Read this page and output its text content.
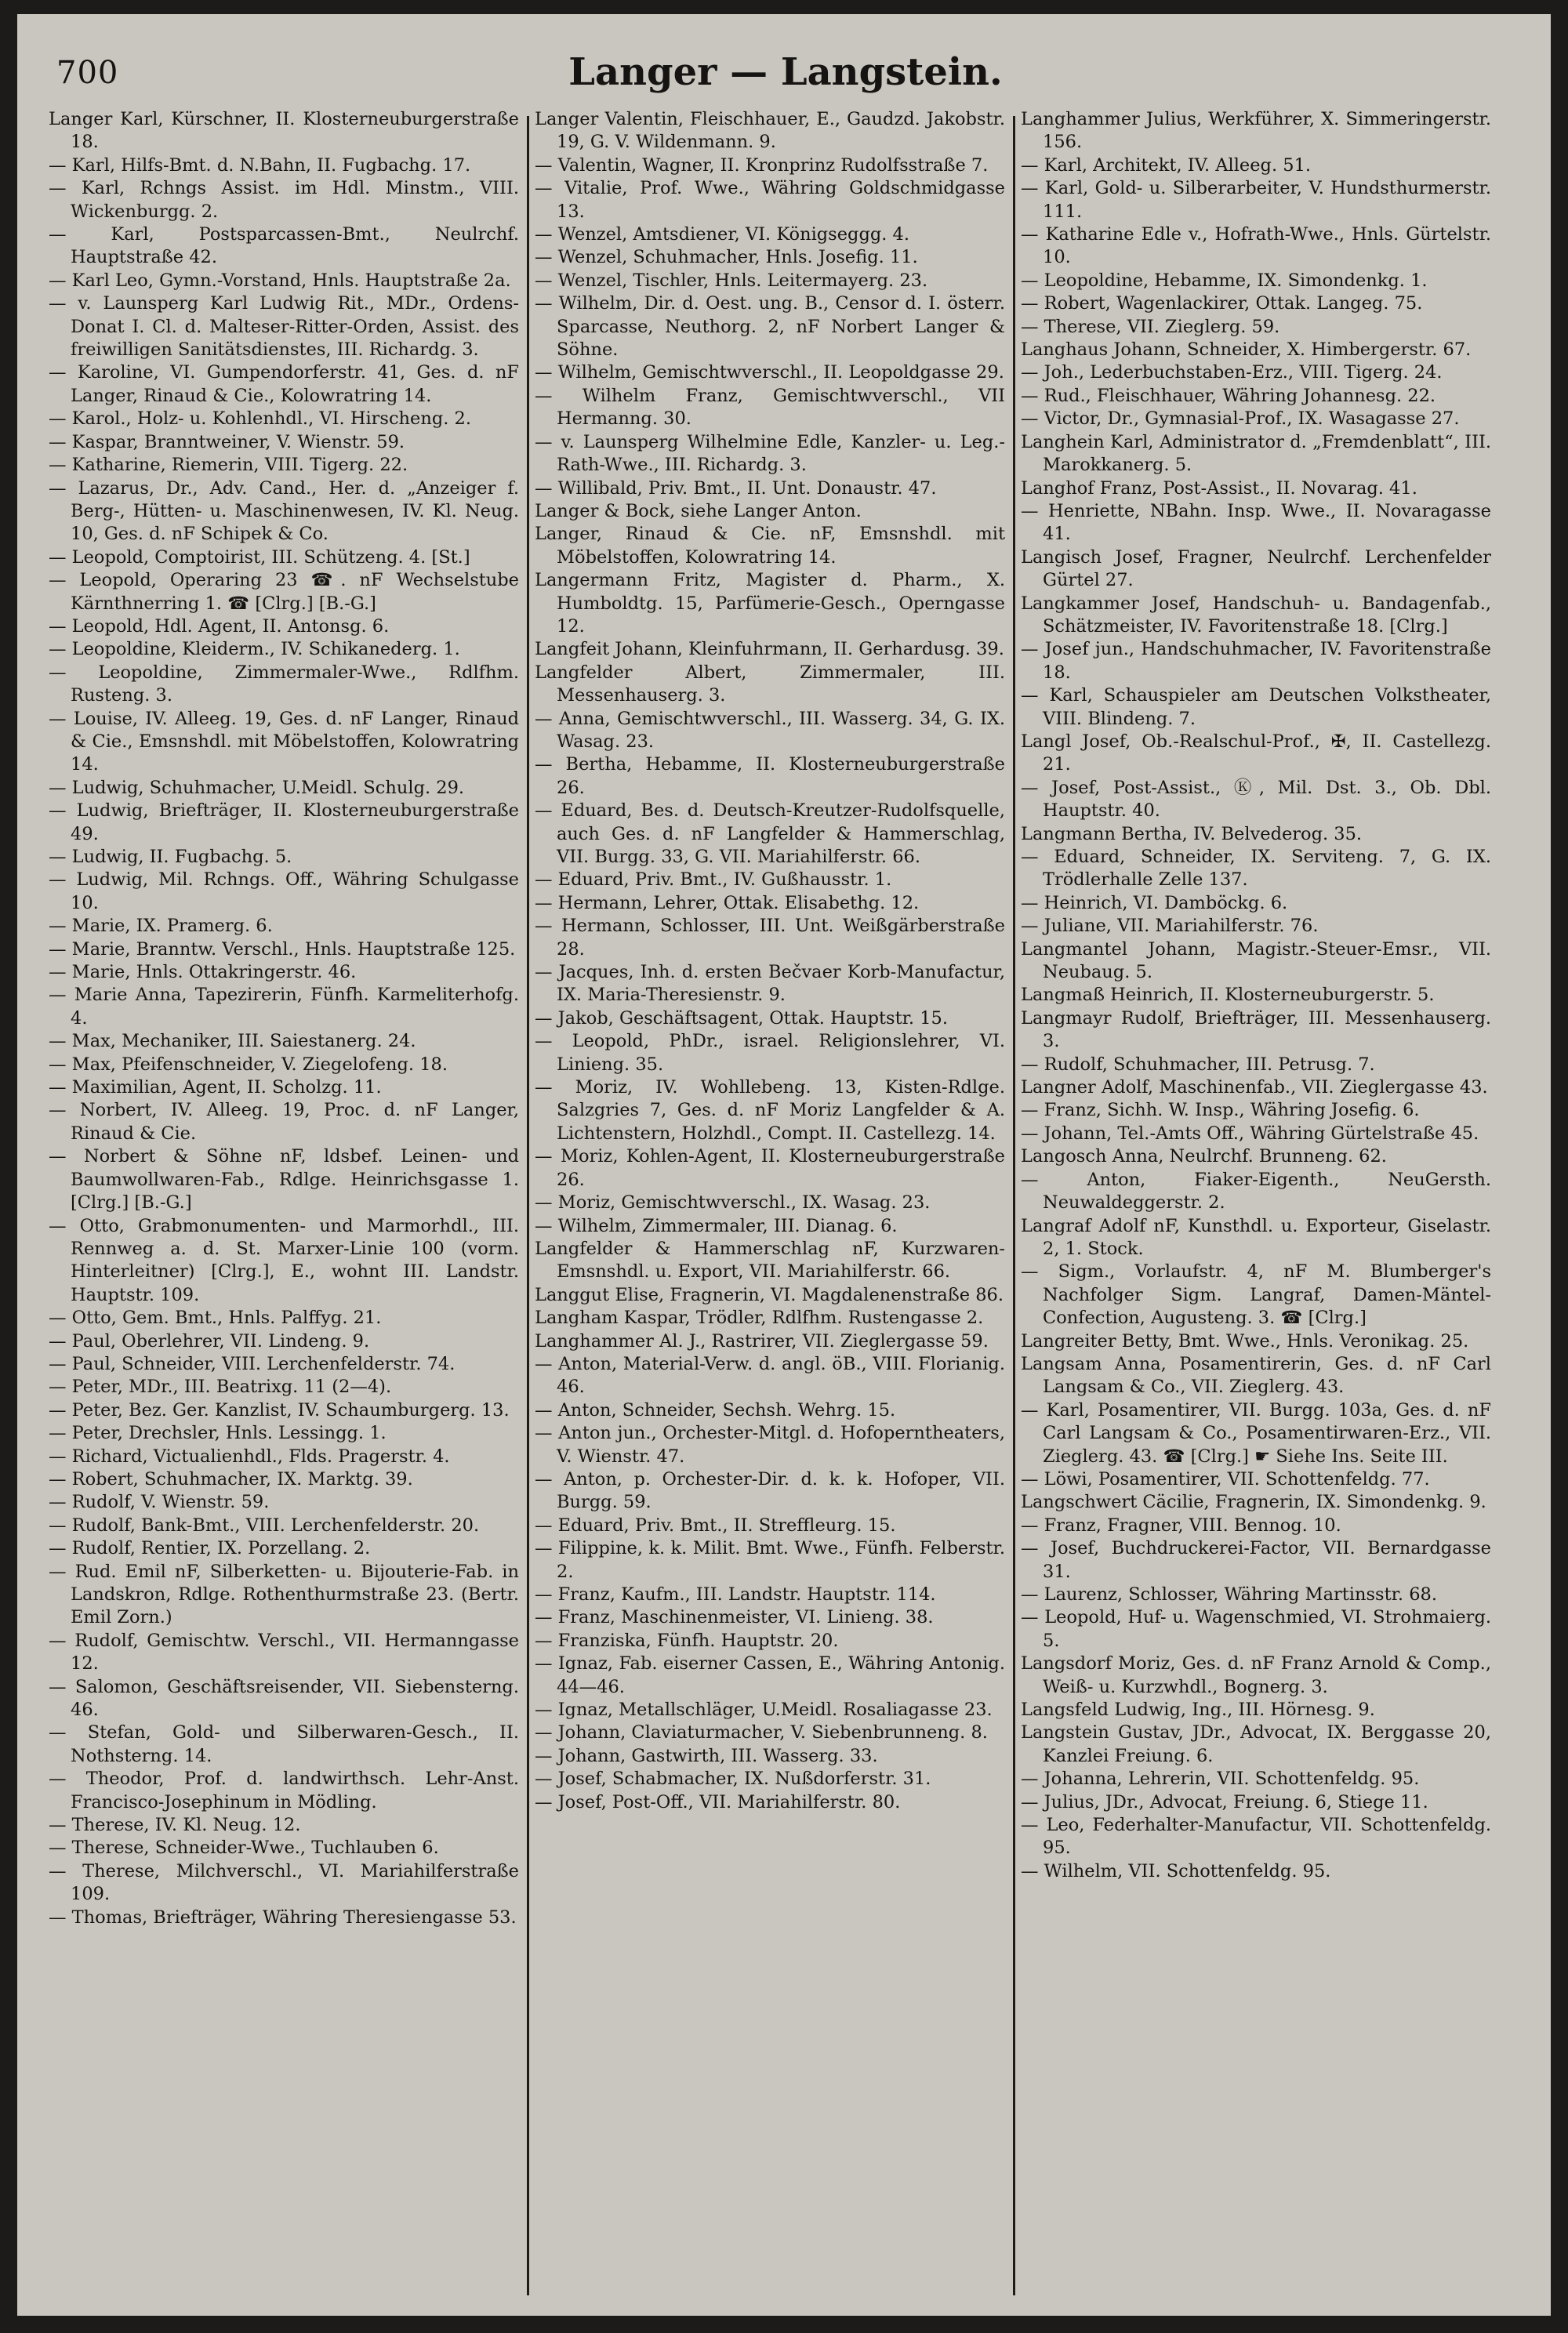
700	Langer — Langstein.

Langer Karl, Kürschner, II. Klosterneuburgerstraße 18.

— Karl, Hilfs-Bmt. d. N.Bahn, II. Fugbachg. 17.

— Karl, Rchngs Assist. im Hdl. Minstm., VIII. Wickenburgg. 2.

— Karl, Postsparcassen-Bmt., Neulrchf. Hauptstraße 42.

— Karl Leo, Gymn.-Vorstand, Hnls. Hauptstraße 2a.

— v. Launsperg Karl Ludwig Rit., MDr., Ordens-Donat I. Cl. d. Malteser-Ritter-Orden, Assist. des freiwilligen Sanitätsdienstes, III. Richardg. 3.

— Karoline, VI. Gumpendorferstr. 41, Ges. d. nF Langer, Rinaud & Cie., Kolowratring 14.

— Karol., Holz- u. Kohlenhdl., VI. Hirscheng. 2.

— Kaspar, Branntweiner, V. Wienstr. 59.

— Katharine, Riemerin, VIII. Tigerg. 22.

— Lazarus, Dr., Adv. Cand., Her. d. „Anzeiger f. Berg-, Hütten- u. Maschinenwesen, IV. Kl. Neug. 10, Ges. d. nF Schipek & Co.

— Leopold, Comptoirist, III. Schützeng. 4. [St.]

— Leopold, Operaring 23 ☎. nF Wechselstube Kärnthnerring 1. ☎ [Clrg.] [B.-G.]

— Leopold, Hdl. Agent, II. Antonsg. 6.

— Leopoldine, Kleiderm., IV. Schikanederg. 1.

— Leopoldine, Zimmermaler-Wwe., Rdlfhm. Rusteng. 3.

— Louise, IV. Alleeg. 19, Ges. d. nF Langer, Rinaud & Cie., Emsnshdl. mit Möbelstoffen, Kolowratring 14.

— Ludwig, Schuhmacher, U.Meidl. Schulg. 29.

— Ludwig, Briefträger, II. Klosterneuburgerstraße 49.

— Ludwig, II. Fugbachg. 5.

— Ludwig, Mil. Rchngs. Off., Währing Schulgasse 10.

— Marie, IX. Pramerg. 6.

— Marie, Branntw. Verschl., Hnls. Hauptstraße 125.

— Marie, Hnls. Ottakringerstr. 46.

— Marie Anna, Tapezirerin, Fünfh. Karmeliterhofg. 4.

— Max, Mechaniker, III. Saiestanerg. 24.

— Max, Pfeifenschneider, V. Ziegelofeng. 18.

— Maximilian, Agent, II. Scholzg. 11.

— Norbert, IV. Alleeg. 19, Proc. d. nF Langer, Rinaud & Cie.

— Norbert & Söhne nF, ldsbef. Leinen- und Baumwollwaren-Fab., Rdlge. Heinrichsgasse 1. [Clrg.] [B.-G.]

— Otto, Grabmonumenten- und Marmorhdl., III. Rennweg a. d. St. Marxer-Linie 100 (vorm. Hinterleitner) [Clrg.], E., wohnt III. Landstr. Hauptstr. 109.

— Otto, Gem. Bmt., Hnls. Palffyg. 21.

— Paul, Oberlehrer, VII. Lindeng. 9.

— Paul, Schneider, VIII. Lerchenfelderstr. 74.

— Peter, MDr., III. Beatrixg. 11 (2—4).

— Peter, Bez. Ger. Kanzlist, IV. Schaumburgerg. 13.

— Peter, Drechsler, Hnls. Lessingg. 1.

— Richard, Victualienhdl., Flds. Pragerstr. 4.

— Robert, Schuhmacher, IX. Marktg. 39.

— Rudolf, V. Wienstr. 59.

— Rudolf, Bank-Bmt., VIII. Lerchenfelderstr. 20.

— Rudolf, Rentier, IX. Porzellang. 2.

— Rud. Emil nF, Silberketten- u. Bijouterie-Fab. in Landskron, Rdlge. Rothenthurmstraße 23. (Bertr. Emil Zorn.)

— Rudolf, Gemischtw. Verschl., VII. Hermanngasse 12.

— Salomon, Geschäftsreisender, VII. Siebensterng. 46.

— Stefan, Gold- und Silberwaren-Gesch., II. Nothsterng. 14.

— Theodor, Prof. d. landwirthsch. Lehr-Anst. Francisco-Josephinum in Mödling.

— Therese, IV. Kl. Neug. 12.

— Therese, Schneider-Wwe., Tuchlauben 6.

— Therese, Milchverschl., VI. Mariahilferstraße 109.

— Thomas, Briefträger, Währing Theresiengasse 53.

Langer Valentin, Fleischhauer, E., Gaudzd. Jakobstr. 19, G. V. Wildenmann. 9.

— Valentin, Wagner, II. Kronprinz Rudolfsstraße 7.

— Vitalie, Prof. Wwe., Währing Goldschmidgasse 13.

— Wenzel, Amtsdiener, VI. Königseggg. 4.

— Wenzel, Schuhmacher, Hnls. Josefig. 11.

— Wenzel, Tischler, Hnls. Leitermayerg. 23.

— Wilhelm, Dir. d. Oest. ung. B., Censor d. I. österr. Sparcasse, Neuthorg. 2, nF Norbert Langer & Söhne.

— Wilhelm, Gemischtwverschl., II. Leopoldgasse 29.

— Wilhelm Franz, Gemischtwverschl., VII Hermanng. 30.

— v. Launsperg Wilhelmine Edle, Kanzler- u. Leg.-Rath-Wwe., III. Richardg. 3.

— Willibald, Priv. Bmt., II. Unt. Donaustr. 47.

Langer & Bock, siehe Langer Anton.

Langer, Rinaud & Cie. nF, Emsnshdl. mit Möbelstoffen, Kolowratring 14.

Langermann Fritz, Magister d. Pharm., X. Humboldtg. 15, Parfümerie-Gesch., Operngasse 12.

Langfeit Johann, Kleinfuhrmann, II. Gerhardusg. 39.

Langfelder Albert, Zimmermaler, III. Messenhauserg. 3.

— Anna, Gemischtwverschl., III. Wasserg. 34, G. IX. Wasag. 23.

— Bertha, Hebamme, II. Klosterneuburgerstraße 26.

— Eduard, Bes. d. Deutsch-Kreutzer-Rudolfsquelle, auch Ges. d. nF Langfelder & Hammerschlag, VII. Burgg. 33, G. VII. Mariahilferstr. 66.

— Eduard, Priv. Bmt., IV. Gußhausstr. 1.

— Hermann, Lehrer, Ottak. Elisabethg. 12.

— Hermann, Schlosser, III. Unt. Weißgärberstraße 28.

— Jacques, Inh. d. ersten Bečvaer Korb-Manufactur, IX. Maria-Theresienstr. 9.

— Jakob, Geschäftsagent, Ottak. Hauptstr. 15.

— Leopold, PhDr., israel. Religionslehrer, VI. Linieng. 35.

— Moriz, IV. Wohllebeng. 13, Kisten-Rdlge. Salzgries 7, Ges. d. nF Moriz Langfelder & A. Lichtenstern, Holzhdl., Compt. II. Castellezg. 14.

— Moriz, Kohlen-Agent, II. Klosterneuburgerstraße 26.

— Moriz, Gemischtwverschl., IX. Wasag. 23.

— Wilhelm, Zimmermaler, III. Dianag. 6.

Langfelder & Hammerschlag nF, Kurzwaren-Emsnshdl. u. Export, VII. Mariahilferstr. 66.

Langgut Elise, Fragnerin, VI. Magdalenenstraße 86.

Langham Kaspar, Trödler, Rdlfhm. Rustengasse 2.

Langhammer Al. J., Rastrirer, VII. Zieglergasse 59.

— Anton, Material-Verw. d. angl. öB., VIII. Florianig. 46.

— Anton, Schneider, Sechsh. Wehrg. 15.

— Anton jun., Orchester-Mitgl. d. Hofoperntheaters, V. Wienstr. 47.

— Anton, p. Orchester-Dir. d. k. k. Hofoper, VII. Burgg. 59.

— Eduard, Priv. Bmt., II. Streffleurg. 15.

— Filippine, k. k. Milit. Bmt. Wwe., Fünfh. Felberstr. 2.

— Franz, Kaufm., III. Landstr. Hauptstr. 114.

— Franz, Maschinenmeister, VI. Linieng. 38.

— Franziska, Fünfh. Hauptstr. 20.

— Ignaz, Fab. eiserner Cassen, E., Währing Antonig. 44—46.

— Ignaz, Metallschläger, U.Meidl. Rosaliagasse 23.

— Johann, Claviaturmacher, V. Siebenbrunneng. 8.

— Johann, Gastwirth, III. Wasserg. 33.

— Josef, Schabmacher, IX. Nußdorferstr. 31.

— Josef, Post-Off., VII. Mariahilferstr. 80.

Langhammer Julius, Werkführer, X. Simmeringerstr. 156.

— Karl, Architekt, IV. Alleeg. 51.

— Karl, Gold- u. Silberarbeiter, V. Hundsthurmerstr. 111.

— Katharine Edle v., Hofrath-Wwe., Hnls. Gürtelstr. 10.

— Leopoldine, Hebamme, IX. Simondenkg. 1.

— Robert, Wagenlackirer, Ottak. Langeg. 75.

— Therese, VII. Zieglerg. 59.

Langhaus Johann, Schneider, X. Himbergerstr. 67.

— Joh., Lederbuchstaben-Erz., VIII. Tigerg. 24.

— Rud., Fleischhauer, Währing Johannesg. 22.

— Victor, Dr., Gymnasial-Prof., IX. Wasagasse 27.

Langhein Karl, Administrator d. „Fremdenblatt“, III. Marokkanerg. 5.

Langhof Franz, Post-Assist., II. Novarag. 41.

— Henriette, NBahn. Insp. Wwe., II. Novaragasse 41.

Langisch Josef, Fragner, Neulrchf. Lerchenfelder Gürtel 27.

Langkammer Josef, Handschuh- u. Bandagenfab., Schätzmeister, IV. Favoritenstraße 18. [Clrg.]

— Josef jun., Handschuhmacher, IV. Favoritenstraße 18.

— Karl, Schauspieler am Deutschen Volkstheater, VIII. Blindeng. 7.

Langl Josef, Ob.-Realschul-Prof., ✠, II. Castellezg. 21.

— Josef, Post-Assist., Ⓚ, Mil. Dst. 3., Ob. Dbl. Hauptstr. 40.

Langmann Bertha, IV. Belvederog. 35.

— Eduard, Schneider, IX. Serviteng. 7, G. IX. Trödlerhalle Zelle 137.

— Heinrich, VI. Damböckg. 6.

— Juliane, VII. Mariahilferstr. 76.

Langmantel Johann, Magistr.-Steuer-Emsr., VII. Neubaug. 5.

Langmaß Heinrich, II. Klosterneuburgerstr. 5.

Langmayr Rudolf, Briefträger, III. Messenhauserg. 3.

— Rudolf, Schuhmacher, III. Petrusg. 7.

Langner Adolf, Maschinenfab., VII. Zieglergasse 43.

— Franz, Sichh. W. Insp., Währing Josefig. 6.

— Johann, Tel.-Amts Off., Währing Gürtelstraße 45.

Langosch Anna, Neulrchf. Brunneng. 62.

— Anton, Fiaker-Eigenth., NeuGersth. Neuwaldeggerstr. 2.

Langraf Adolf nF, Kunsthdl. u. Exporteur, Giselastr. 2, 1. Stock.

— Sigm., Vorlaufstr. 4, nF M. Blumberger's Nachfolger Sigm. Langraf, Damen-Mäntel-Confection, Augusteng. 3. ☎ [Clrg.]

Langreiter Betty, Bmt. Wwe., Hnls. Veronikag. 25.

Langsam Anna, Posamentirerin, Ges. d. nF Carl Langsam & Co., VII. Zieglerg. 43.

— Karl, Posamentirer, VII. Burgg. 103a, Ges. d. nF Carl Langsam & Co., Posamentirwaren-Erz., VII. Zieglerg. 43. ☎ [Clrg.] ☛ Siehe Ins. Seite III.

— Löwi, Posamentirer, VII. Schottenfeldg. 77.

Langschwert Cäcilie, Fragnerin, IX. Simondenkg. 9.

— Franz, Fragner, VIII. Bennog. 10.

— Josef, Buchdruckerei-Factor, VII. Bernardgasse 31.

— Laurenz, Schlosser, Währing Martinsstr. 68.

— Leopold, Huf- u. Wagenschmied, VI. Strohmaierg. 5.

Langsdorf Moriz, Ges. d. nF Franz Arnold & Comp., Weiß- u. Kurzwhdl., Bognerg. 3.

Langsfeld Ludwig, Ing., III. Hörnesg. 9.

Langstein Gustav, JDr., Advocat, IX. Berggasse 20, Kanzlei Freiung. 6.

— Johanna, Lehrerin, VII. Schottenfeldg. 95.

— Julius, JDr., Advocat, Freiung. 6, Stiege 11.

— Leo, Federhalter-Manufactur, VII. Schottenfeldg. 95.

— Wilhelm, VII. Schottenfeldg. 95.
